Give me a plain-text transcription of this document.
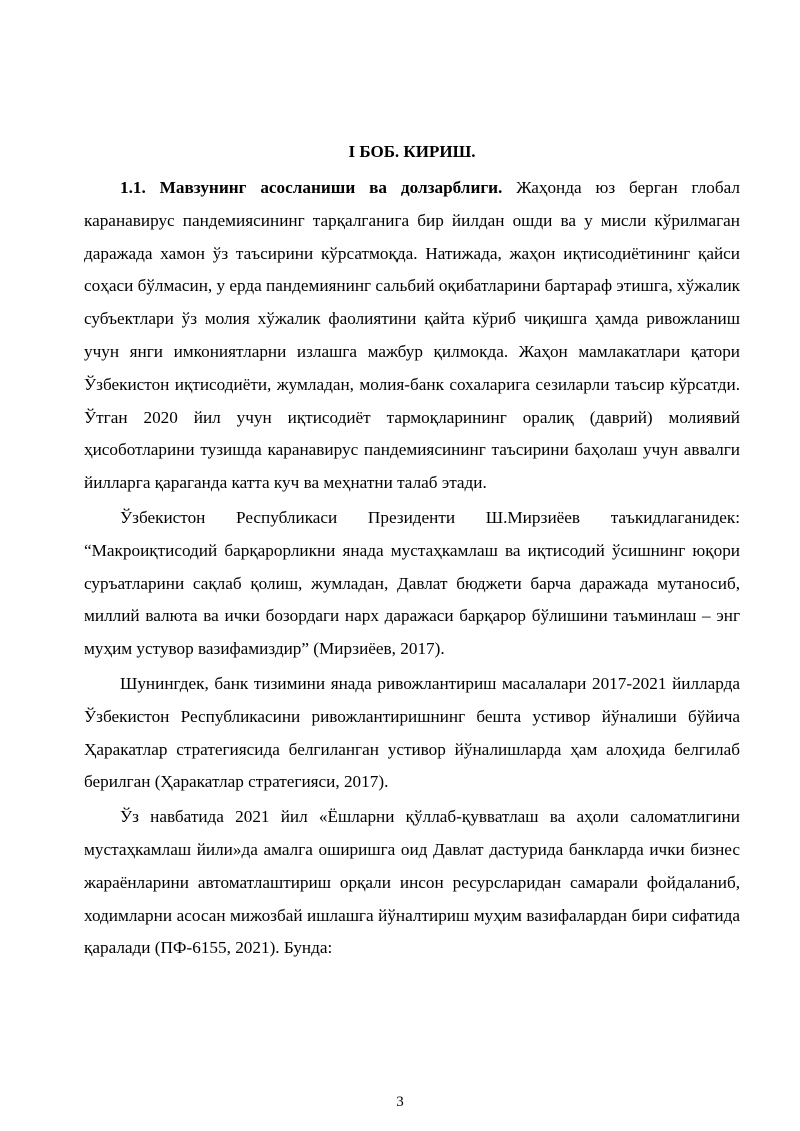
I БОБ. КИРИШ.

1.1. Мавзунинг асосланиши ва долзарблиги. Жаҳонда юз берган глобал каранавирус пандемиясининг тарқалганига бир йилдан ошди ва у мисли кўрилмаган даражада хамон ўз таъсирини кўрсатмоқда. Натижада, жаҳон иқтисодиётининг қайси соҳаси бўлмасин, у ерда пандемиянинг сальбий оқибатларини бартараф этишга, хўжалик субъектлари ўз молия хўжалик фаолиятини қайта кўриб чиқишга ҳамда ривожланиш учун янги имкониятларни излашга мажбур қилмокда. Жаҳон мамлакатлари қатори Ўзбекистон иқтисодиёти, жумладан, молия-банк сохаларига сезиларли таъсир кўрсатди. Ўтган 2020 йил учун иқтисодиёт тармоқларининг оралиқ (даврий) молиявий ҳисоботларини тузишда каранавирус пандемиясининг таъсирини баҳолаш учун аввалги йилларга қараганда катта куч ва меҳнатни талаб этади.

Ўзбекистон Республикаси Президенти Ш.Мирзиёев таъкидлаганидек: “Макроиқтисодий барқарорликни янада мустаҳкамлаш ва иқтисодий ўсишнинг юқори суръатларини сақлаб қолиш, жумладан, Давлат бюджети барча даражада мутаносиб, миллий валюта ва ички бозордаги нарх даражаси барқарор бўлишини таъминлаш – энг муҳим устувор вазифамиздир” (Мирзиёев, 2017).

Шунингдек, банк тизимини янада ривожлантириш масалалари 2017-2021 йилларда Ўзбекистон Республикасини ривожлантиришнинг бешта устивор йўналиши бўйича Ҳаракатлар стратегиясида белгиланган устивор йўналишларда ҳам алоҳида белгилаб берилган (Ҳаракатлар стратегияси, 2017).

Ўз навбатида 2021 йил «Ёшларни қўллаб-қувватлаш ва аҳоли саломатлигини мустаҳкамлаш йили»да амалга оширишга оид Давлат дастурида банкларда ички бизнес жараёнларини автоматлаштириш орқали инсон ресурсларидан самарали фойдаланиб, ходимларни асосан мижозбай ишлашга йўналтириш муҳим вазифалардан бири сифатида қаралади (ПФ-6155, 2021). Бунда:

3
